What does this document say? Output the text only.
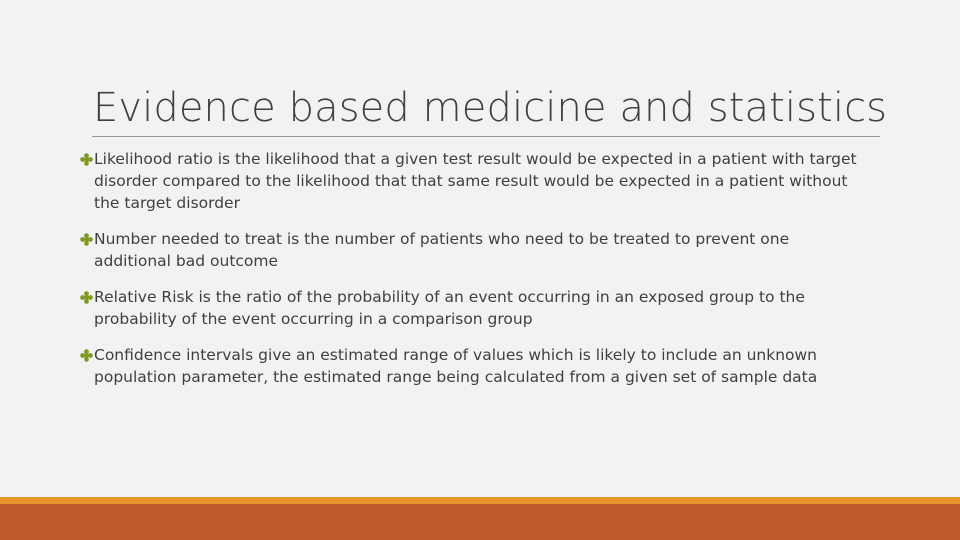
Evidence based medicine and statistics
Likelihood ratio is the likelihood that a given test result would be expected in a patient with target disorder compared to the likelihood that that same result would be expected in a patient without the target disorder
Number needed to treat is the number of patients who need to be treated to prevent one additional bad outcome
Relative Risk is the ratio of the probability of an event occurring in an exposed group to the probability of the event occurring in a comparison group
Confidence intervals give an estimated range of values which is likely to include an unknown population parameter, the estimated range being calculated from a given set of sample data
